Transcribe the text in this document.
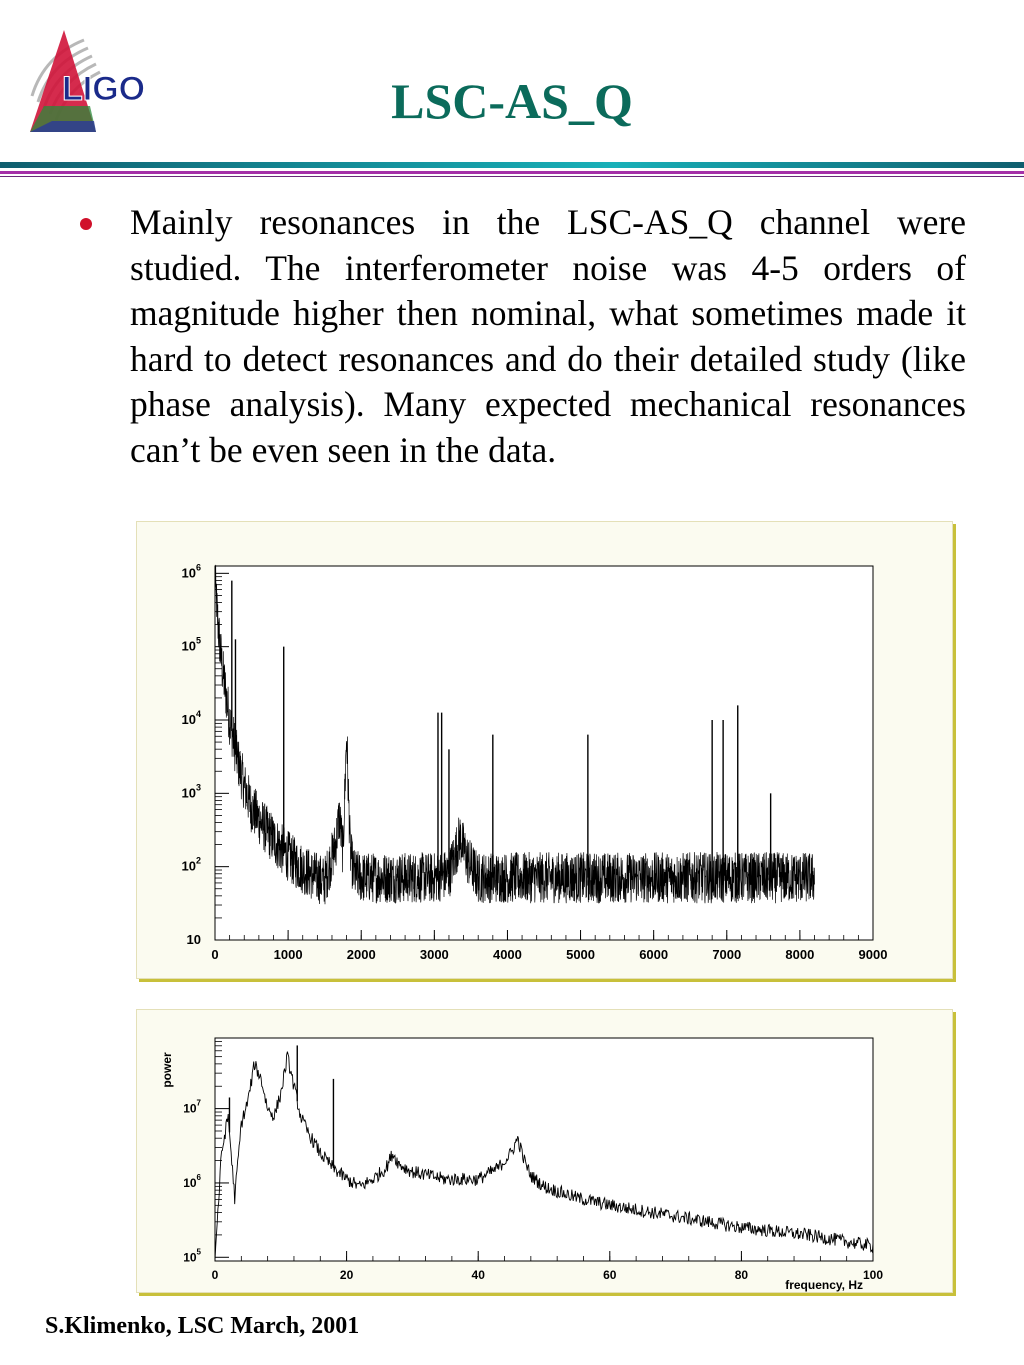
LIGO	LSC-AS_Q
Mainly resonances in the LSC-AS_Q channel were studied. The interferometer noise was 4-5 orders of magnitude higher then nominal, what sometimes made it hard to detect resonances and do their detailed study (like phase analysis). Many expected mechanical resonances can’t be even seen in the data.
10
$10^2$
$10^3$
$10^4$
$10^5$
$10^6$
0	1000	2000	3000	4000	5000	6000	7000	8000	9000
$10^5$
$10^6$
$10^7$
0	20	40	60	80	100
frequency, Hz
power
S.Klimenko, LSC March, 2001
